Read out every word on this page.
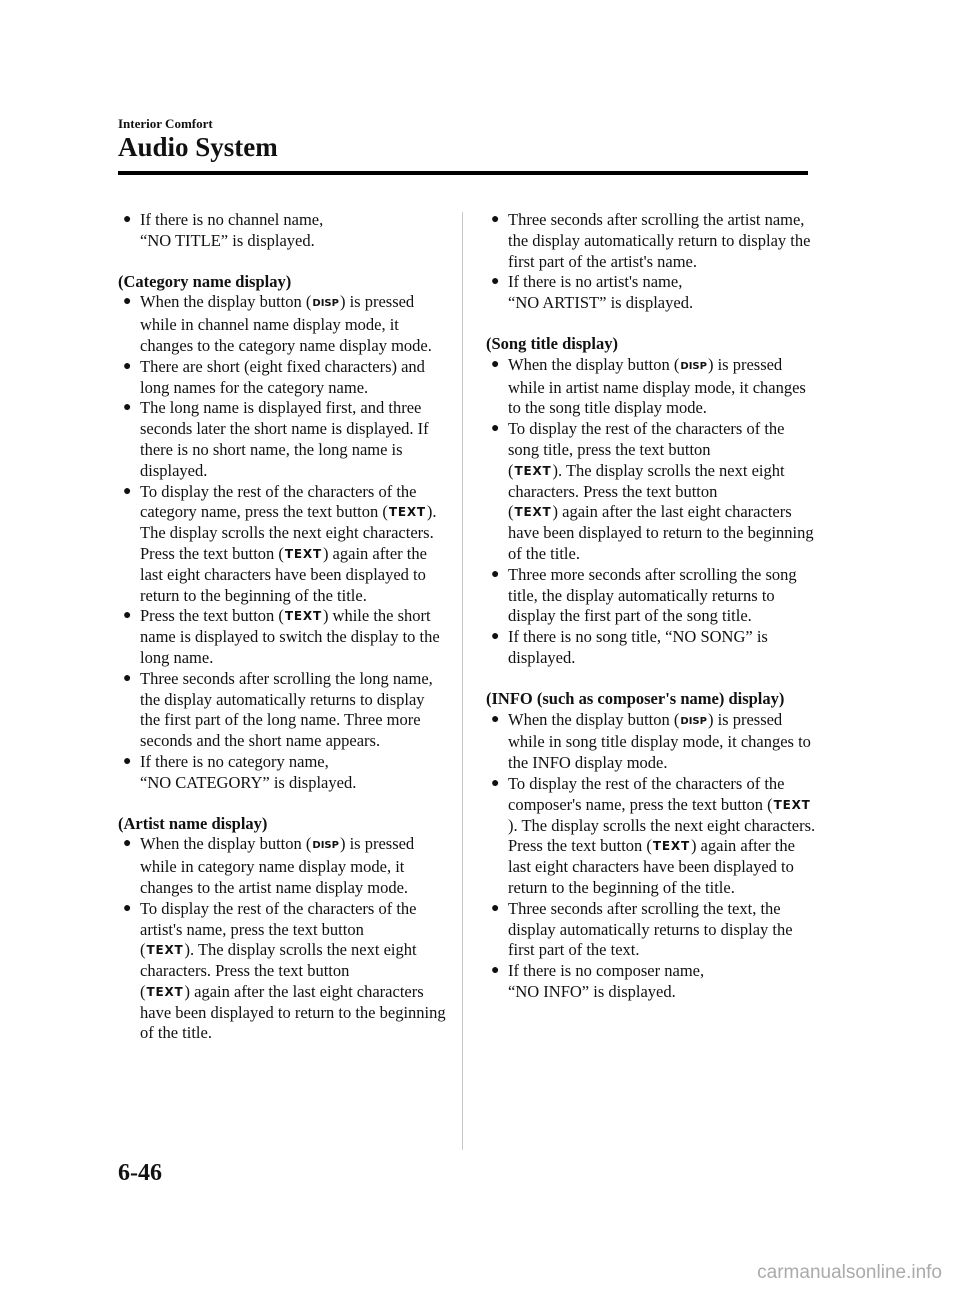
Interior Comfort
Audio System

● If there is no channel name,
“NO TITLE” is displayed.

(Category name display)

● When the display button (DISP) is pressed while in channel name display mode, it changes to the category name display mode.

● There are short (eight fixed characters) and long names for the category name.

● The long name is displayed first, and three seconds later the short name is displayed. If there is no short name, the long name is displayed.

● To display the rest of the characters of the category name, press the text button (TEXT). The display scrolls the next eight characters. Press the text button (TEXT) again after the last eight characters have been displayed to return to the beginning of the title.

● Press the text button (TEXT) while the short name is displayed to switch the display to the long name.

● Three seconds after scrolling the long name, the display automatically returns to display the first part of the long name. Three more seconds and the short name appears.

● If there is no category name,
“NO CATEGORY” is displayed.

(Artist name display)

● When the display button (DISP) is pressed while in category name display mode, it changes to the artist name display mode.

● To display the rest of the characters of the artist's name, press the text button
(TEXT). The display scrolls the next eight characters. Press the text button
(TEXT) again after the last eight characters have been displayed to return to the beginning of the title.

● Three seconds after scrolling the artist name, the display automatically return to display the first part of the artist's name.

● If there is no artist's name,
“NO ARTIST” is displayed.

(Song title display)

● When the display button (DISP) is pressed while in artist name display mode, it changes to the song title display mode.

● To display the rest of the characters of the song title, press the text button
(TEXT). The display scrolls the next eight characters. Press the text button
(TEXT) again after the last eight characters have been displayed to return to the beginning of the title.

● Three more seconds after scrolling the song title, the display automatically returns to display the first part of the song title.

● If there is no song title, “NO SONG” is displayed.

(INFO (such as composer's name) display)

● When the display button (DISP) is pressed while in song title display mode, it changes to the INFO display mode.

● To display the rest of the characters of the composer's name, press the text button (TEXT). The display scrolls the next eight characters. Press the text button (TEXT) again after the last eight characters have been displayed to return to the beginning of the title.

● Three seconds after scrolling the text, the display automatically returns to display the first part of the text.

● If there is no composer name,
“NO INFO” is displayed.

6-46
carmanualsonline.info
